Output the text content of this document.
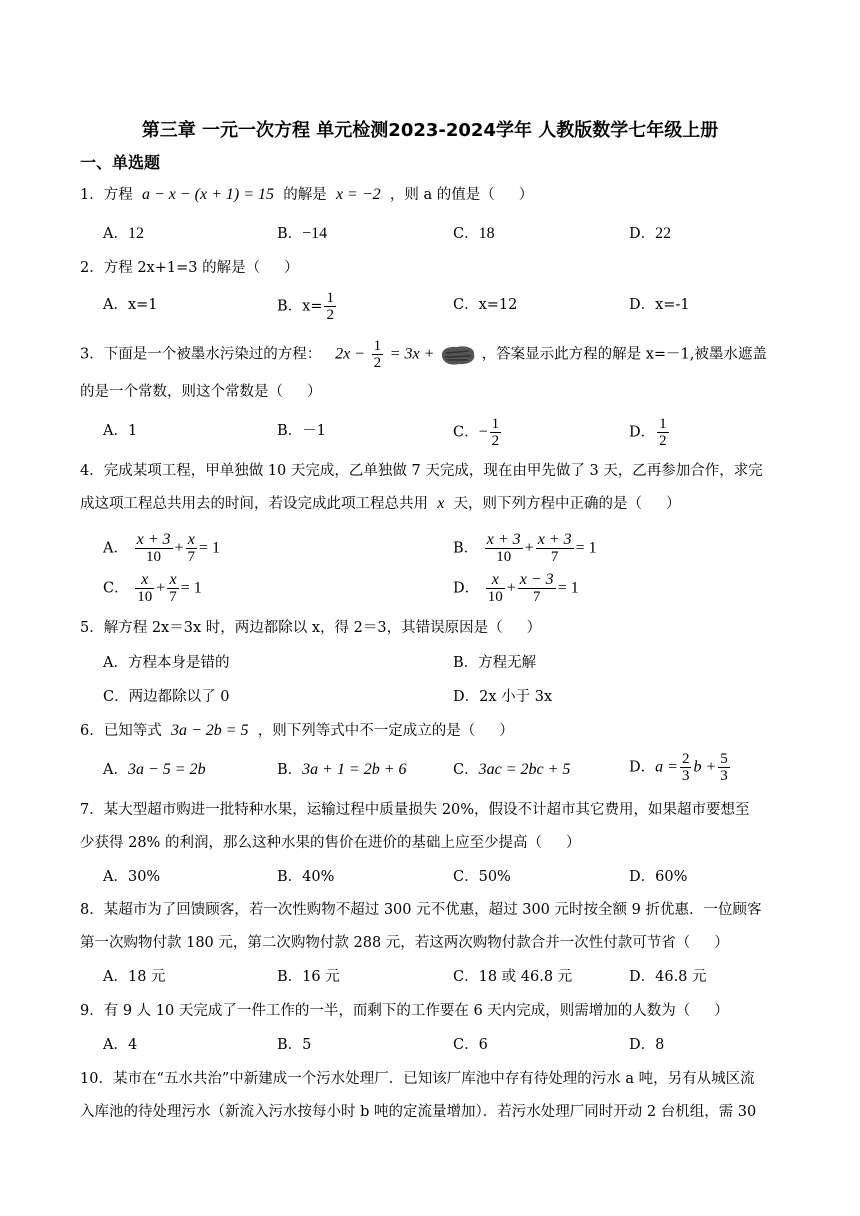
第三章 一元一次方程 单元检测2023-2024学年 人教版数学七年级上册
一、单选题
1．方程 a − x − (x + 1) = 15 的解是 x = −2 ，则 a 的值是（ ）
A．12	B．−14	C．18	D．22
2．方程 2x+1=3 的解是（ ）
A．x=1	B．$x= \frac{1}{2}$	C．x=12	D．x=-1
3．下面是一个被墨水污染过的方程： $2x - \frac{1}{2} = 3x$ +	，答案显示此方程的解是 x=－1,被墨水遮盖
的是一个常数，则这个常数是（ ）
A．1	B．－1	C．− $\frac{1}{2}$	D． $\frac{1}{2}$
4．完成某项工程，甲单独做 10 天完成，乙单独做 7 天完成，现在由甲先做了 3 天，乙再参加合作，求完
成这项工程总共用去的时间，若设完成此项工程总共用 x 天，则下列方程中正确的是（ ）
A． $\frac{x + 3}{10} + \frac{x}{7} = 1$	B． $\frac{x + 3}{10} + \frac{x + 3}{7} = 1$
C． $\frac{x}{10} + \frac{x}{7} = 1$	D． $\frac{x}{10} + \frac{x - 3}{7} = 1$
5．解方程 2x＝3x 时，两边都除以 x，得 2＝3，其错误原因是（ ）
A．方程本身是错的	B．方程无解
C．两边都除以了 0	D．2x 小于 3x
6．已知等式 3a − 2b = 5 ，则下列等式中不一定成立的是（ ）
A．3a − 5 = 2b	B．3a + 1 = 2b + 6	C．3ac = 2bc + 5	D．$a = \frac{2}{3}$ $b + \frac{5}{3}$
7．某大型超市购进一批特种水果，运输过程中质量损失 20%，假设不计超市其它费用，如果超市要想至
少获得 28% 的利润，那么这种水果的售价在进价的基础上应至少提高（ ）
A．30%	B．40%	C．50%	D．60%
8．某超市为了回馈顾客，若一次性购物不超过 300 元不优惠，超过 300 元时按全额 9 折优惠．一位顾客
第一次购物付款 180 元，第二次购物付款 288 元，若这两次购物付款合并一次性付款可节省（ ）
A．18 元	B．16 元	C．18 或 46.8 元	D．46.8 元
9．有 9 人 10 天完成了一件工作的一半，而剩下的工作要在 6 天内完成，则需增加的人数为（ ）
A．4	B．5	C．6	D．8
10．某市在“五水共治”中新建成一个污水处理厂．已知该厂库池中存有待处理的污水 a 吨，另有从城区流
入库池的待处理污水（新流入污水按每小时 b 吨的定流量增加）．若污水处理厂同时开动 2 台机组，需 30
